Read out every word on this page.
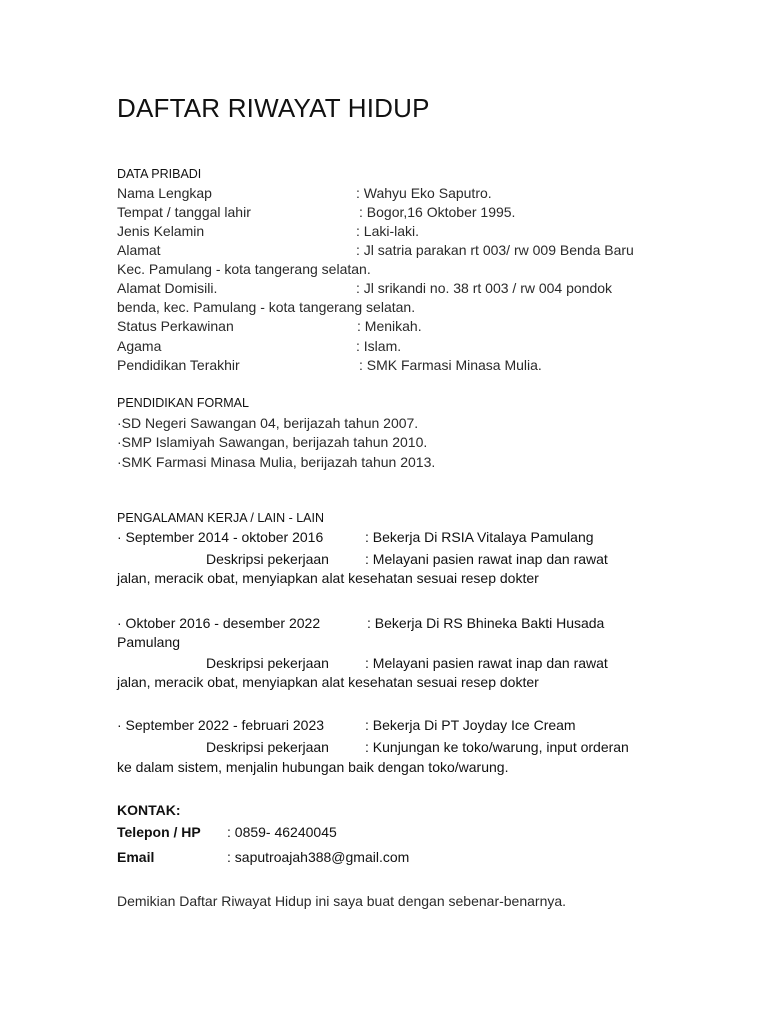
DAFTAR RIWAYAT HIDUP
DATA PRIBADI
Nama Lengkap	: Wahyu Eko Saputro.
Tempat / tanggal lahir	: Bogor,16 Oktober 1995.
Jenis Kelamin	: Laki-laki.
Alamat	: Jl satria parakan rt 003/ rw 009 Benda Baru
Kec. Pamulang - kota tangerang selatan.
Alamat Domisili.	: Jl srikandi no. 38 rt 003 / rw 004 pondok
benda, kec. Pamulang - kota tangerang selatan.
Status Perkawinan	: Menikah.
Agama	: Islam.
Pendidikan Terakhir	: SMK Farmasi Minasa Mulia.
PENDIDIKAN FORMAL
·SD Negeri Sawangan 04, berijazah tahun 2007.
·SMP Islamiyah Sawangan, berijazah tahun 2010.
·SMK Farmasi Minasa Mulia, berijazah tahun 2013.
PENGALAMAN KERJA / LAIN - LAIN
· September 2014 - oktober 2016	: Bekerja Di RSIA Vitalaya Pamulang
Deskripsi pekerjaan	: Melayani pasien rawat inap dan rawat
jalan, meracik obat, menyiapkan alat kesehatan sesuai resep dokter
· Oktober 2016 - desember 2022	: Bekerja Di RS Bhineka Bakti Husada
Pamulang
Deskripsi pekerjaan	: Melayani pasien rawat inap dan rawat
jalan, meracik obat, menyiapkan alat kesehatan sesuai resep dokter
· September 2022 - februari 2023	: Bekerja Di PT Joyday Ice Cream
Deskripsi pekerjaan	: Kunjungan ke toko/warung, input orderan
ke dalam sistem, menjalin hubungan baik dengan toko/warung.
KONTAK:
Telepon / HP : 0859- 46240045
Email	: saputroajah388@gmail.com
Demikian Daftar Riwayat Hidup ini saya buat dengan sebenar-benarnya.
